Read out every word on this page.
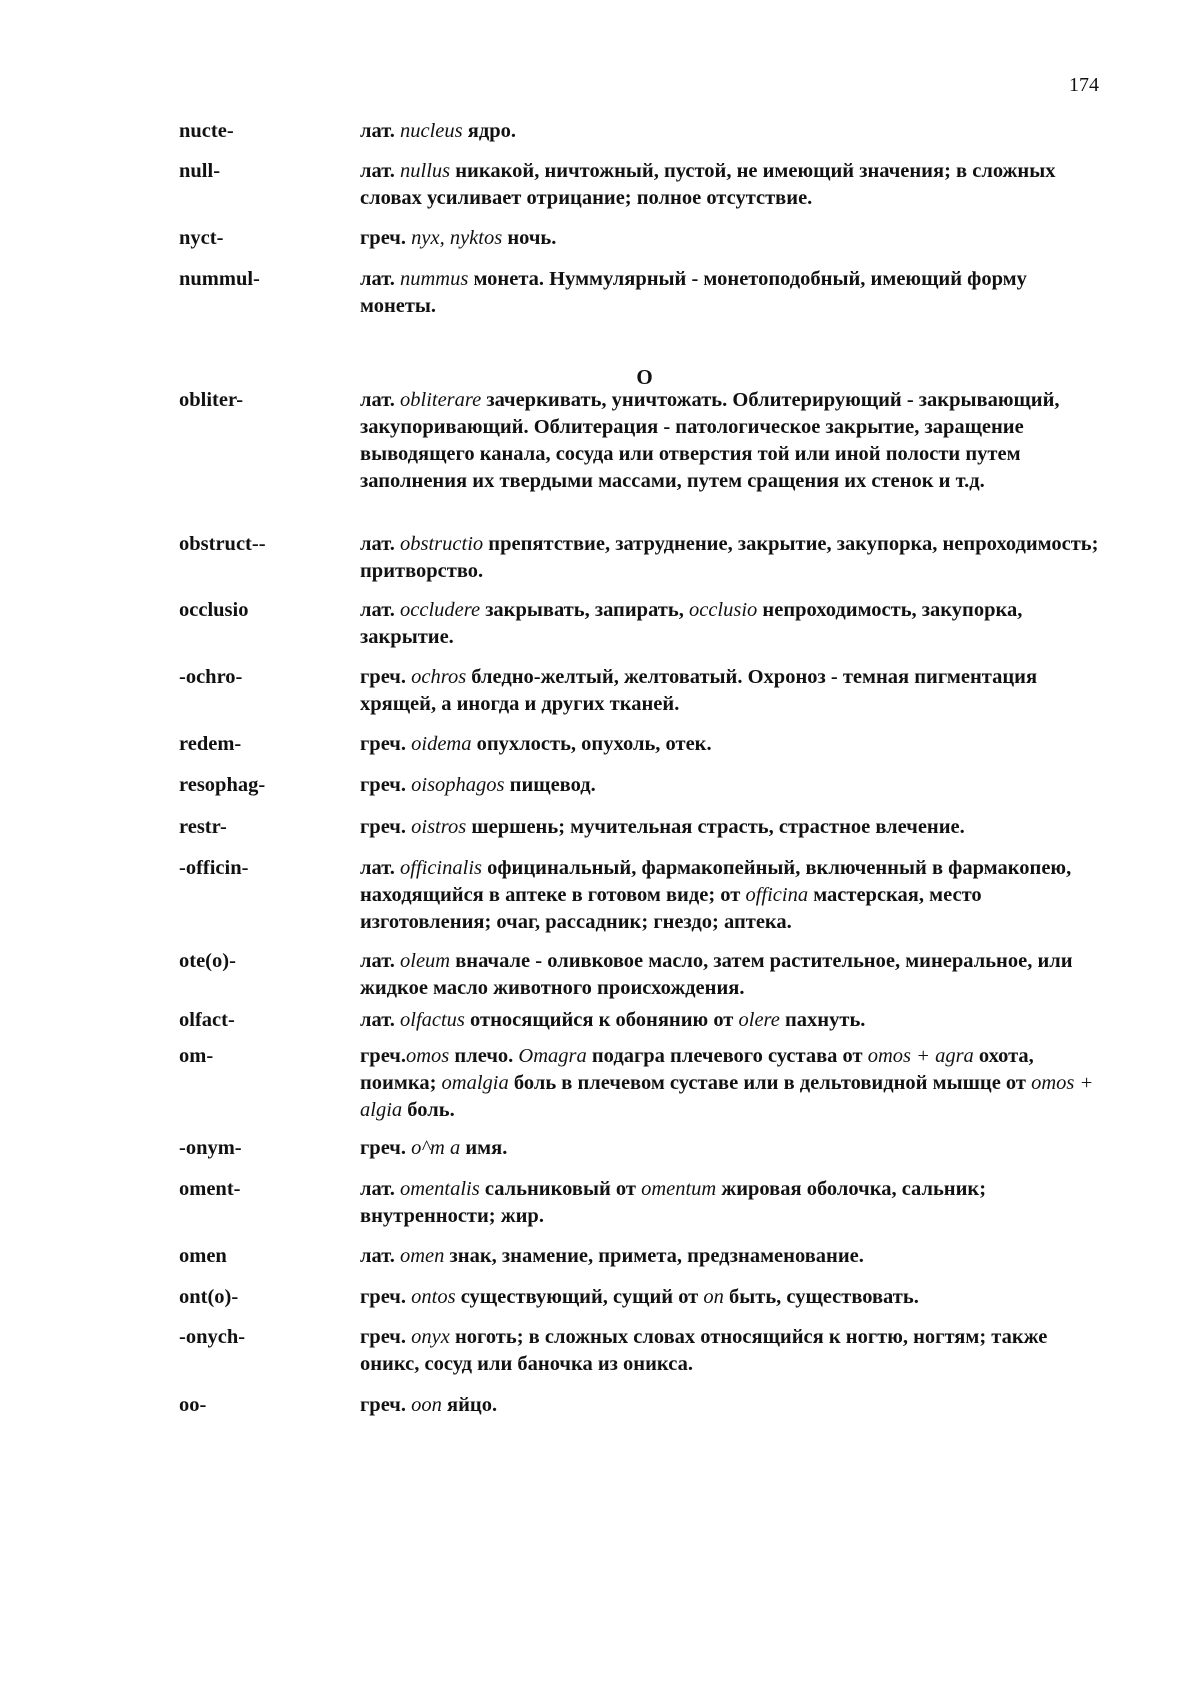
174
O
nucte-	лат. nucleus ядро.
null-	лат. nullus никакой, ничтожный, пустой, не имеющий значения; в сложных словах усиливает отрицание; полное отсутствие.
nyct-	греч. nyx, nyktos ночь.
nummul-	лат. nummus монета. Нуммулярный - монетоподобный, имеющий форму монеты.
obliter-	лат. obliterare зачеркивать, уничтожать. Облитерирующий - закрывающий, закупоривающий. Облитерация - патологическое закрытие, заращение выводящего канала, сосуда или отверстия той или иной полости путем заполнения их твердыми массами, путем сращения их стенок и т.д.
obstruct--	лат. obstructio препятствие, затруднение, закрытие, закупорка, непроходимость; притворство.
occlusio	лат. occludere закрывать, запирать, occlusio непроходимость, закупорка, закрытие.
-ochro-	греч. ochros бледно-желтый, желтоватый. Охроноз - темная пигментация хрящей, а иногда и других тканей.
redem-	греч. oidema опухлость, опухоль, отек.
resophag-	греч. oisophagos пищевод.
restr-	греч. oistros шершень; мучительная страсть, страстное влечение.
-officin-	лат. officinalis официнальный, фармакопейный, включенный в фармакопею, находящийся в аптеке в готовом виде; от officina мастерская, место изготовления; очаг, рассадник; гнездо; аптека.
ote(o)-	лат. oleum вначале - оливковое масло, затем растительное, минеральное, или жидкое масло животного происхождения.
olfact-	лат. olfactus относящийся к обонянию от olere пахнуть.
om-	греч.omos плечо. Omagra подагра плечевого сустава от omos + agra охота, поимка; omalgia боль в плечевом суставе или в дельтовидной мышце от omos + algia боль.
-onym-	греч. o^m a имя.
oment-	лат. omentalis сальниковый от omentum жировая оболочка, сальник; внутренности; жир.
omen	лат. omen знак, знамение, примета, предзнаменование.
ont(o)-	греч. ontos существующий, сущий от оп быть, существовать.
-onych-	греч. onyx ноготь; в сложных словах относящийся к ногтю, ногтям; также оникс, сосуд или баночка из оникса.
oo-	греч. oon яйцо.
